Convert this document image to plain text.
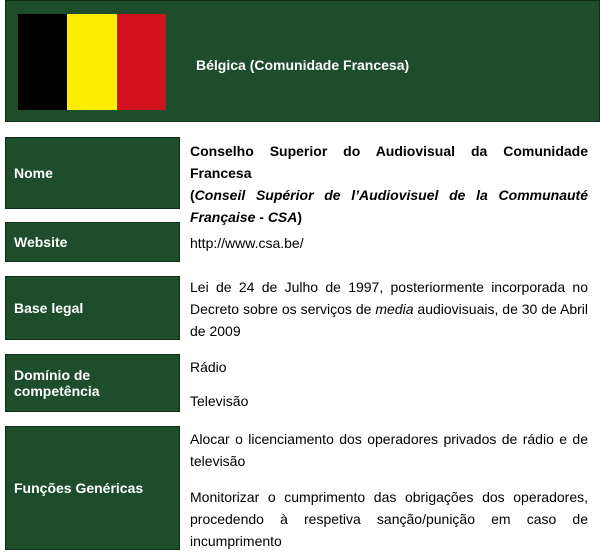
Bélgica (Comunidade Francesa)
Nome

Conselho Superior do Audiovisual da Comunidade Francesa

(Conseil Supérior de l’Audiovisuel de la Communauté Française - CSA)

Website	http://www.csa.be/
Base legal
Lei de 24 de Julho de 1997, posteriormente incorporada no Decreto sobre os serviços de media audiovisuais, de 30 de Abril de 2009
Domínio de competência

Rádio

Televisão

Funções Genéricas

Alocar o licenciamento dos operadores privados de rádio e de televisão

Monitorizar o cumprimento das obrigações dos operadores, procedendo à respetiva sanção/punição em caso de incumprimento
